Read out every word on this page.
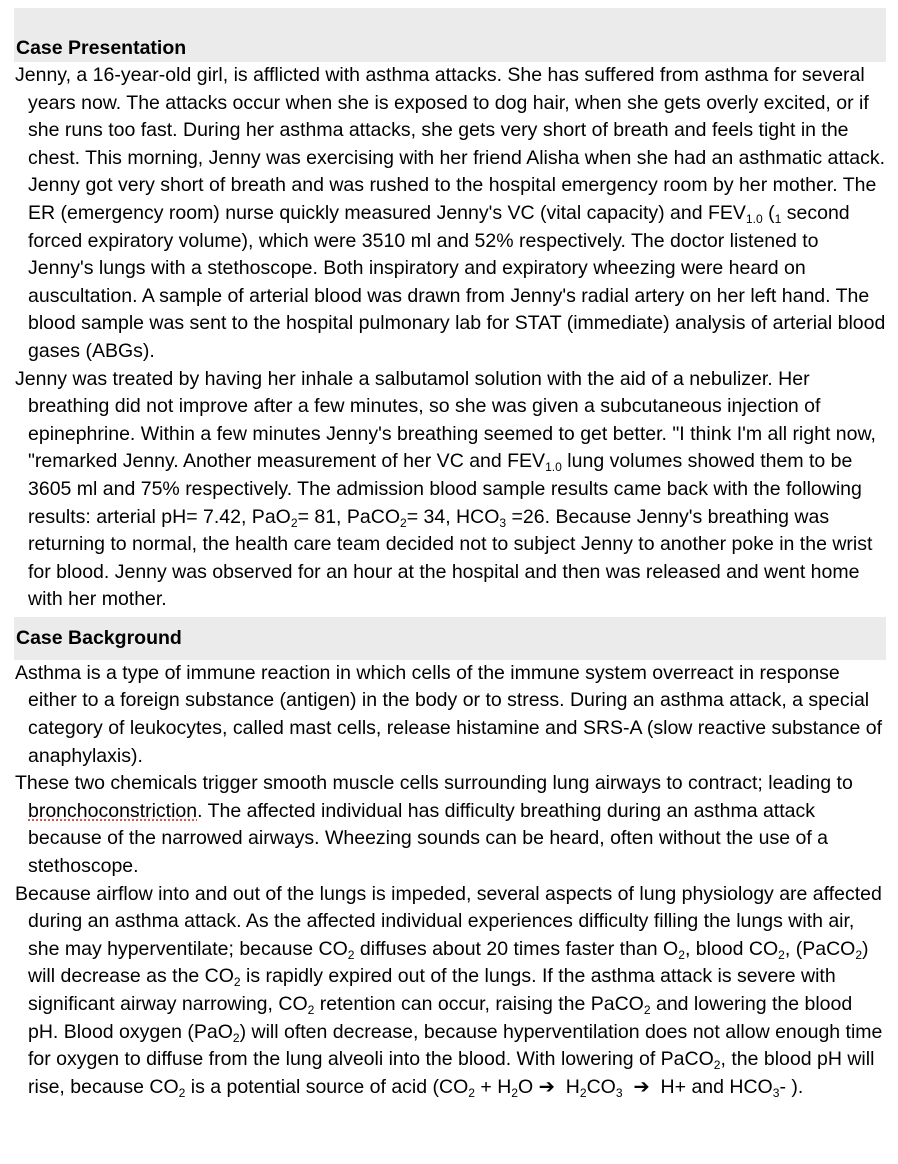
Case Presentation

Jenny, a 16-year-old girl, is afflicted with asthma attacks. She has suffered from asthma for several years now. The attacks occur when she is exposed to dog hair, when she gets overly excited, or if she runs too fast. During her asthma attacks, she gets very short of breath and feels tight in the chest. This morning, Jenny was exercising with her friend Alisha when she had an asthmatic attack. Jenny got very short of breath and was rushed to the hospital emergency room by her mother. The ER (emergency room) nurse quickly measured Jenny's VC (vital capacity) and $FEV_{1.0}$ ($_1$ second forced expiratory volume), which were 3510 ml and 52% respectively. The doctor listened to Jenny's lungs with a stethoscope. Both inspiratory and expiratory wheezing were heard on auscultation. A sample of arterial blood was drawn from Jenny's radial artery on her left hand. The blood sample was sent to the hospital pulmonary lab for STAT (immediate) analysis of arterial blood gases (ABGs).

Jenny was treated by having her inhale a salbutamol solution with the aid of a nebulizer. Her breathing did not improve after a few minutes, so she was given a subcutaneous injection of epinephrine. Within a few minutes Jenny's breathing seemed to get better. "I think I'm all right now, "remarked Jenny. Another measurement of her VC and $FEV_{1.0}$ lung volumes showed them to be 3605 ml and 75% respectively. The admission blood sample results came back with the following results: arterial pH= 7.42, PaO$_2$= 81, PaCO$_2$= 34, $HCO_3 =26$. Because Jenny's breathing was returning to normal, the health care team decided not to subject Jenny to another poke in the wrist for blood. Jenny was observed for an hour at the hospital and then was released and went home with her mother.

Case Background

Asthma is a type of immune reaction in which cells of the immune system overreact in response either to a foreign substance (antigen) in the body or to stress. During an asthma attack, a special category of leukocytes, called mast cells, release histamine and SRS-A (slow reactive substance of anaphylaxis).

These two chemicals trigger smooth muscle cells surrounding lung airways to contract; leading to bronchoconstriction. The affected individual has difficulty breathing during an asthma attack because of the narrowed airways. Wheezing sounds can be heard, often without the use of a stethoscope.

Because airflow into and out of the lungs is impeded, several aspects of lung physiology are affected during an asthma attack. As the affected individual experiences difficulty filling the lungs with air, she may hyperventilate; because $CO_2$ diffuses about 20 times faster than $O_2$, blood $CO_2$, (PaCO$_2$) will decrease as the $CO_2$ is rapidly expired out of the lungs. If the asthma attack is severe with significant airway narrowing, $CO_2$ retention can occur, raising the PaCO$_2$ and lowering the blood pH. Blood oxygen (PaO$_2$) will often decrease, because hyperventilation does not allow enough time for oxygen to diffuse from the lung alveoli into the blood. With lowering of PaCO$_2$, the blood pH will rise, because $CO_2$ is a potential source of acid ($CO_2 + H_2O$ ➔  $H_2CO_3$  ➔  H+ and $HCO_3-$ ).
